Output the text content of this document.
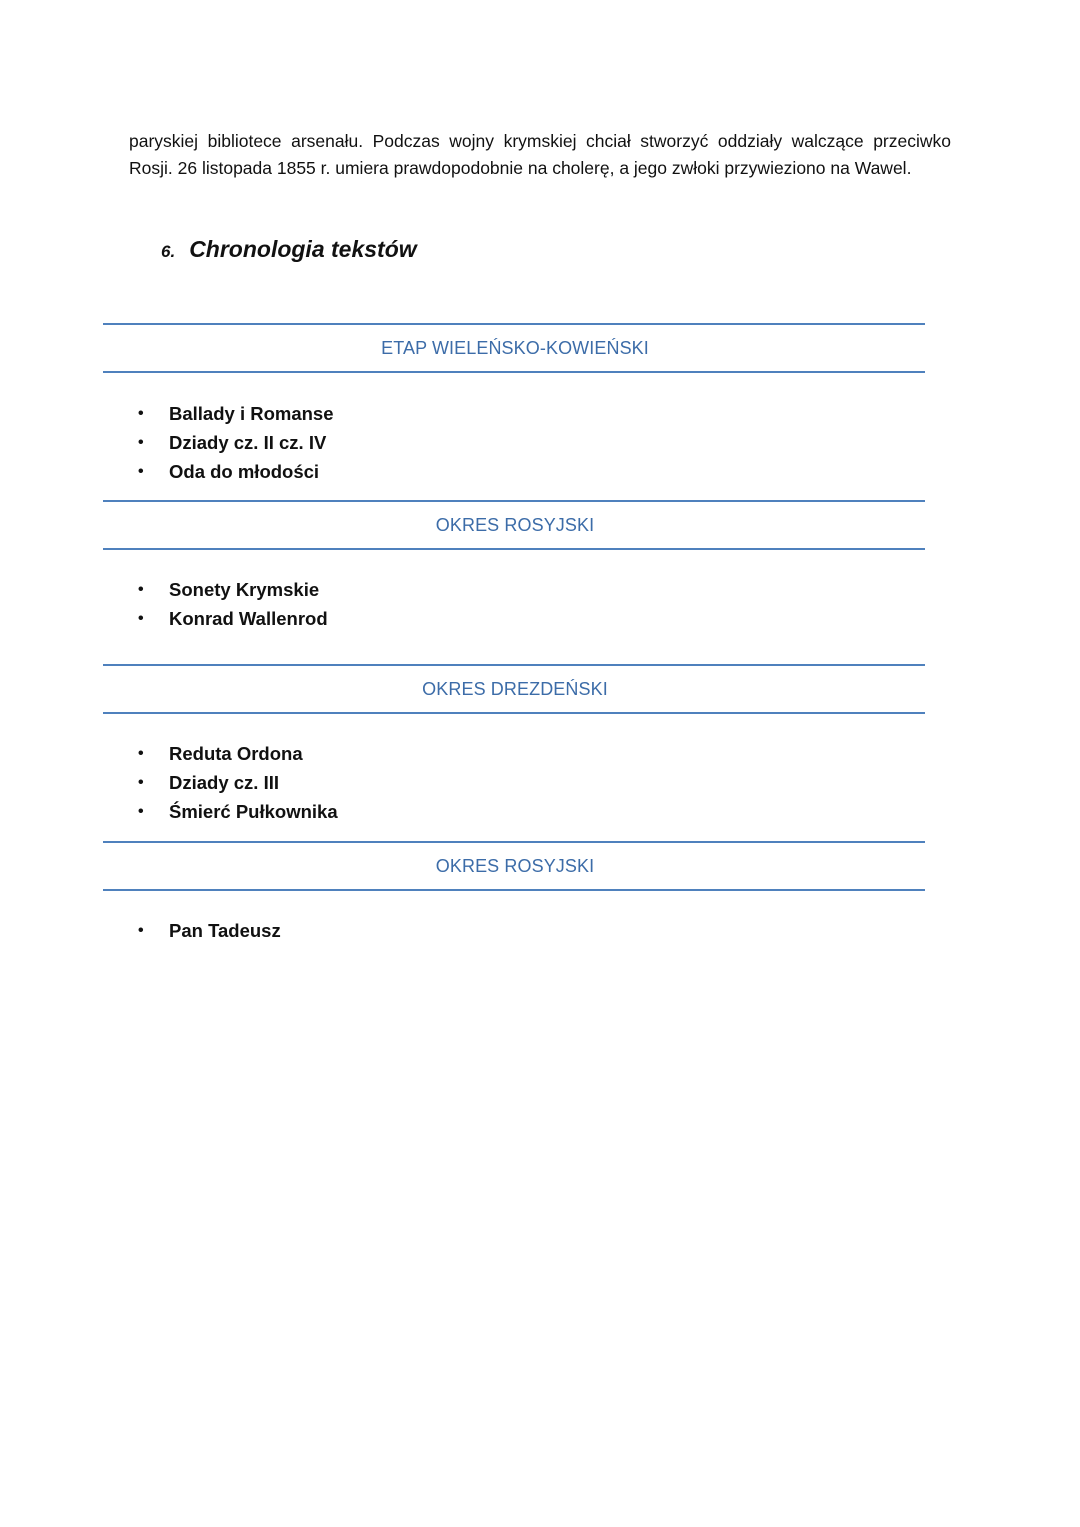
paryskiej bibliotece arsenału. Podczas wojny krymskiej chciał stworzyć oddziały walczące przeciwko
Rosji. 26 listopada 1855 r. umiera prawdopodobnie na cholerę, a jego zwłoki przywieziono na Wawel.

6. Chronologia tekstów
ETAP WIELEŃSKO-KOWIEŃSKI
• Ballady i Romanse
• Dziady cz. II cz. IV
• Oda do młodości
OKRES ROSYJSKI
• Sonety Krymskie
• Konrad Wallenrod
OKRES DREZDEŃSKI
• Reduta Ordona
• Dziady cz. III
• Śmierć Pułkownika
OKRES ROSYJSKI
• Pan Tadeusz
